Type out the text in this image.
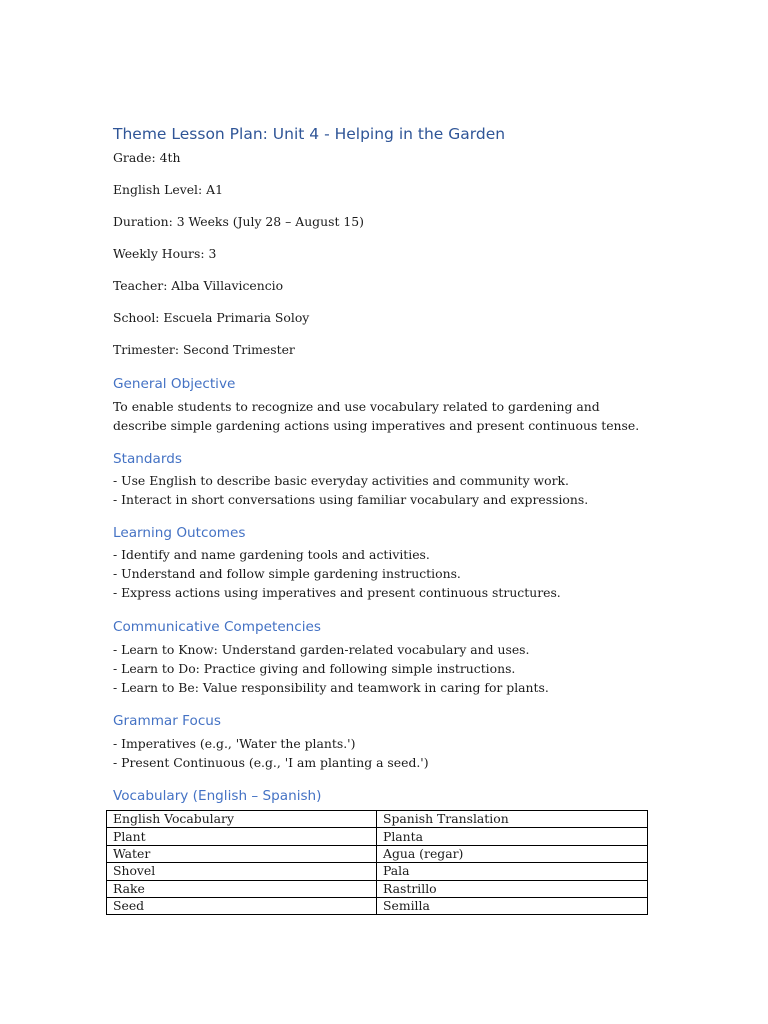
Theme Lesson Plan: Unit 4 - Helping in the Garden

Grade: 4th

English Level: A1

Duration: 3 Weeks (July 28 – August 15)

Weekly Hours: 3

Teacher: Alba Villavicencio

School: Escuela Primaria Soloy

Trimester: Second Trimester

General Objective

To enable students to recognize and use vocabulary related to gardening and describe simple gardening actions using imperatives and present continuous tense.

Standards
- Use English to describe basic everyday activities and community work.
- Interact in short conversations using familiar vocabulary and expressions.
Learning Outcomes
- Identify and name gardening tools and activities.
- Understand and follow simple gardening instructions.
- Express actions using imperatives and present continuous structures.
Communicative Competencies
- Learn to Know: Understand garden-related vocabulary and uses.
- Learn to Do: Practice giving and following simple instructions.
- Learn to Be: Value responsibility and teamwork in caring for plants.
Grammar Focus
- Imperatives (e.g., 'Water the plants.')
- Present Continuous (e.g., 'I am planting a seed.')
Vocabulary (English – Spanish)
English Vocabulary	Spanish Translation
Plant	Planta
Water	Agua (regar)
Shovel	Pala
Rake	Rastrillo
Seed	Semilla
